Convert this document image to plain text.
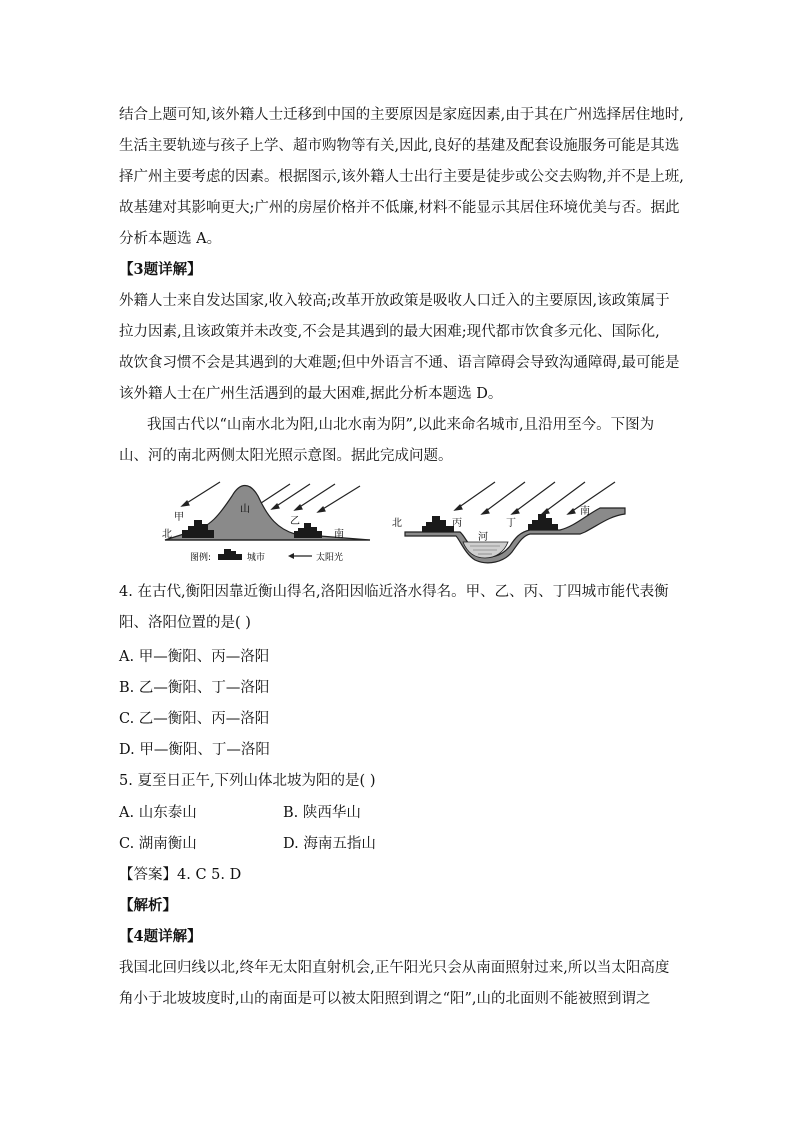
结合上题可知,该外籍人士迁移到中国的主要原因是家庭因素,由于其在广州选择居住地时,
生活主要轨迹与孩子上学、超市购物等有关,因此,良好的基建及配套设施服务可能是其选
择广州主要考虑的因素。根据图示,该外籍人士出行主要是徒步或公交去购物,并不是上班,
故基建对其影响更大;广州的房屋价格并不低廉,材料不能显示其居住环境优美与否。据此
分析本题选 A。
【3题详解】
外籍人士来自发达国家,收入较高;改革开放政策是吸收人口迁入的主要原因,该政策属于
拉力因素,且该政策并未改变,不会是其遇到的最大困难;现代都市饮食多元化、国际化,
故饮食习惯不会是其遇到的大难题;但中外语言不通、语言障碍会导致沟通障碍,最可能是
该外籍人士在广州生活遇到的最大困难,据此分析本题选 D。
我国古代以“山南水北为阳,山北水南为阴”,以此来命名城市,且沿用至今。下图为
山、河的南北两侧太阳光照示意图。据此完成问题。
甲
北
山
乙
南
图例:	城市	太阳光
北	丙	丁
河
南
4. 在古代,衡阳因靠近衡山得名,洛阳因临近洛水得名。甲、乙、丙、丁四城市能代表衡
阳、洛阳位置的是( )
A. 甲—衡阳、丙—洛阳
B. 乙—衡阳、丁—洛阳
C. 乙—衡阳、丙—洛阳
D. 甲—衡阳、丁—洛阳
5. 夏至日正午,下列山体北坡为阳的是( )
A. 山东泰山	B. 陕西华山
C. 湖南衡山	D. 海南五指山
【答案】4. C 5. D
【解析】
【4题详解】
我国北回归线以北,终年无太阳直射机会,正午阳光只会从南面照射过来,所以当太阳高度
角小于北坡坡度时,山的南面是可以被太阳照到谓之“阳”,山的北面则不能被照到谓之
